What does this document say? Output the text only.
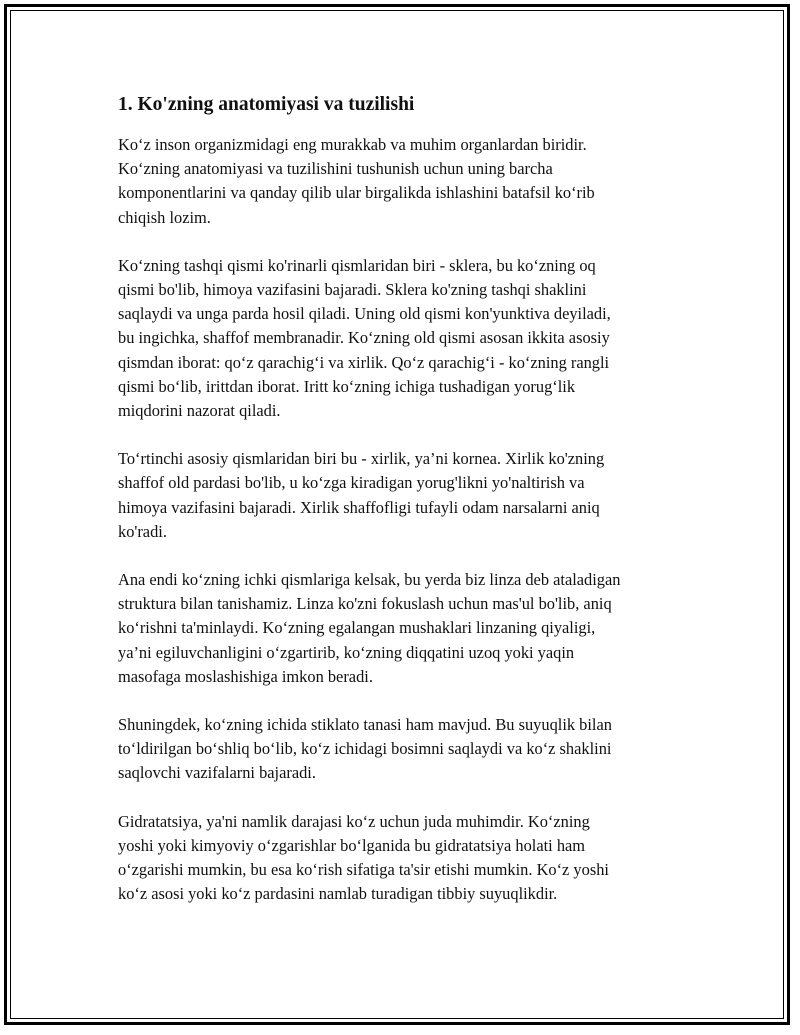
1. Ko'zning anatomiyasi va tuzilishi

Ko‘z inson organizmidagi eng murakkab va muhim organlardan biridir.
Ko‘zning anatomiyasi va tuzilishini tushunish uchun uning barcha
komponentlarini va qanday qilib ular birgalikda ishlashini batafsil ko‘rib
chiqish lozim.

Ko‘zning tashqi qismi ko'rinarli qismlaridan biri - sklera, bu ko‘zning oq
qismi bo'lib, himoya vazifasini bajaradi. Sklera ko'zning tashqi shaklini
saqlaydi va unga parda hosil qiladi. Uning old qismi kon'yunktiva deyiladi,
bu ingichka, shaffof membranadir. Ko‘zning old qismi asosan ikkita asosiy
qismdan iborat: qo‘z qarachig‘i va xirlik. Qo‘z qarachig‘i - ko‘zning rangli
qismi bo‘lib, irittdan iborat. Iritt ko‘zning ichiga tushadigan yorug‘lik
miqdorini nazorat qiladi.

To‘rtinchi asosiy qismlaridan biri bu - xirlik, ya’ni kornea. Xirlik ko'zning
shaffof old pardasi bo'lib, u ko‘zga kiradigan yorug'likni yo'naltirish va
himoya vazifasini bajaradi. Xirlik shaffofligi tufayli odam narsalarni aniq
ko'radi.

Ana endi ko‘zning ichki qismlariga kelsak, bu yerda biz linza deb ataladigan
struktura bilan tanishamiz. Linza ko'zni fokuslash uchun mas'ul bo'lib, aniq
ko‘rishni ta'minlaydi. Ko‘zning egalangan mushaklari linzaning qiyaligi,
ya’ni egiluvchanligini o‘zgartirib, ko‘zning diqqatini uzoq yoki yaqin
masofaga moslashishiga imkon beradi.

Shuningdek, ko‘zning ichida stiklato tanasi ham mavjud. Bu suyuqlik bilan
to‘ldirilgan bo‘shliq bo‘lib, ko‘z ichidagi bosimni saqlaydi va ko‘z shaklini
saqlovchi vazifalarni bajaradi.

Gidratatsiya, ya'ni namlik darajasi ko‘z uchun juda muhimdir. Ko‘zning
yoshi yoki kimyoviy o‘zgarishlar bo‘lganida bu gidratatsiya holati ham
o‘zgarishi mumkin, bu esa ko‘rish sifatiga ta'sir etishi mumkin. Ko‘z yoshi
ko‘z asosi yoki ko‘z pardasini namlab turadigan tibbiy suyuqlikdir.
